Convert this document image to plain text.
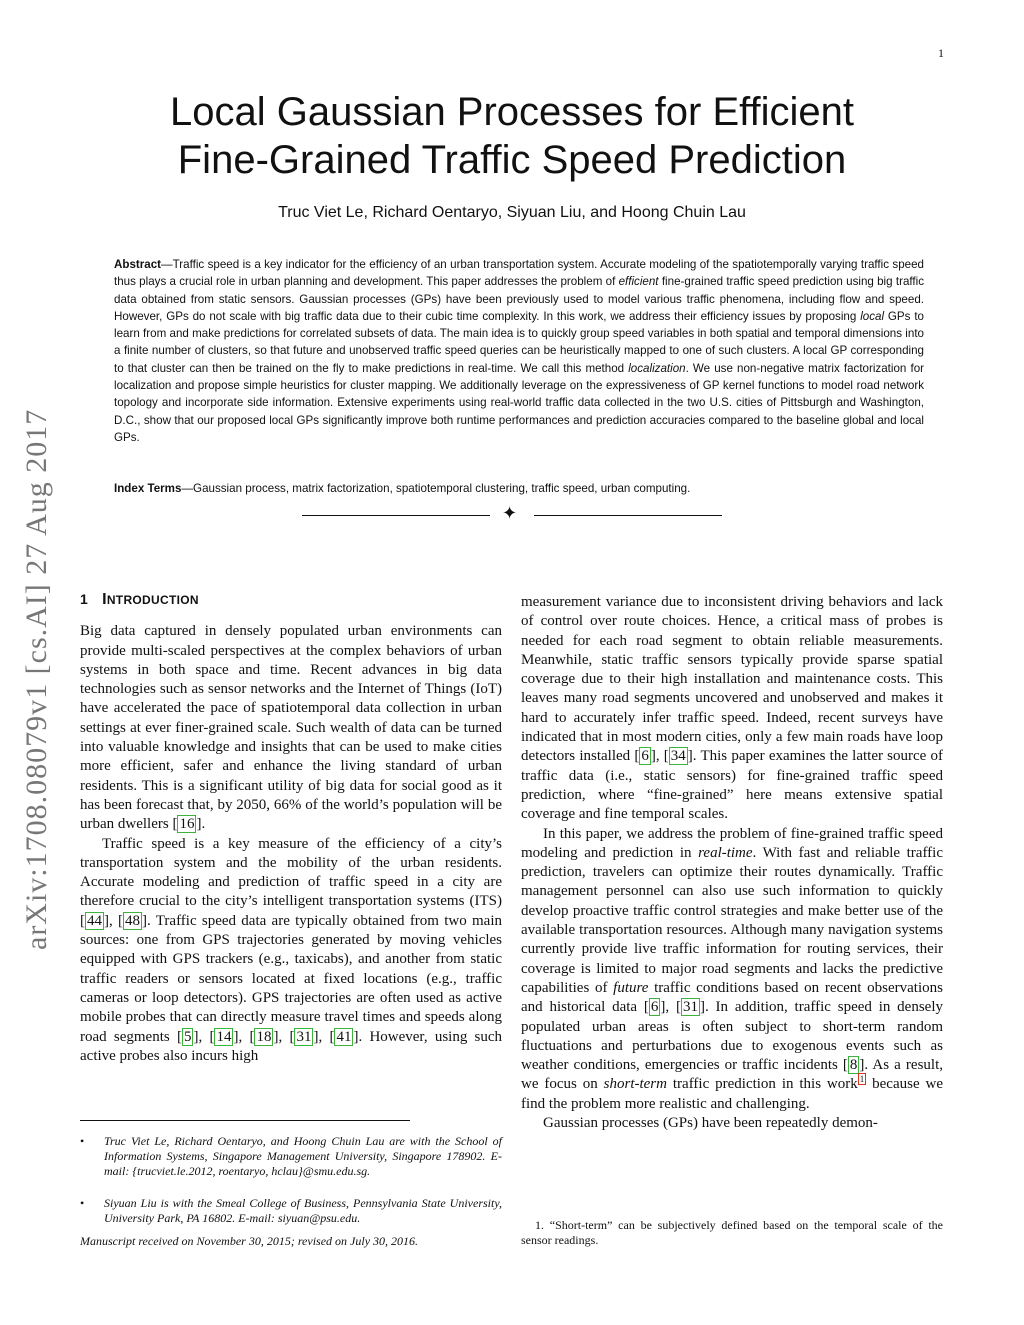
1
arXiv:1708.08079v1 [cs.AI] 27 Aug 2017
Local Gaussian Processes for Efficient
Fine-Grained Traffic Speed Prediction
Truc Viet Le, Richard Oentaryo, Siyuan Liu, and Hoong Chuin Lau
Abstract—Traffic speed is a key indicator for the efficiency of an urban transportation system. Accurate modeling of the spatiotemporally varying traffic speed thus plays a crucial role in urban planning and development. This paper addresses the problem of efficient fine-grained traffic speed prediction using big traffic data obtained from static sensors. Gaussian processes (GPs) have been previously used to model various traffic phenomena, including flow and speed. However, GPs do not scale with big traffic data due to their cubic time complexity. In this work, we address their efficiency issues by proposing local GPs to learn from and make predictions for correlated subsets of data. The main idea is to quickly group speed variables in both spatial and temporal dimensions into a finite number of clusters, so that future and unobserved traffic speed queries can be heuristically mapped to one of such clusters. A local GP corresponding to that cluster can then be trained on the fly to make predictions in real-time. We call this method localization. We use non-negative matrix factorization for localization and propose simple heuristics for cluster mapping. We additionally leverage on the expressiveness of GP kernel functions to model road network topology and incorporate side information. Extensive experiments using real-world traffic data collected in the two U.S. cities of Pittsburgh and Washington, D.C., show that our proposed local GPs significantly improve both runtime performances and prediction accuracies compared to the baseline global and local GPs.
Index Terms—Gaussian process, matrix factorization, spatiotemporal clustering, traffic speed, urban computing.
✦
1 INTRODUCTION

Big data captured in densely populated urban environments can provide multi-scaled perspectives at the complex behaviors of urban systems in both space and time. Recent advances in big data technologies such as sensor networks and the Internet of Things (IoT) have accelerated the pace of spatiotemporal data collection in urban settings at ever finer-grained scale. Such wealth of data can be turned into valuable knowledge and insights that can be used to make cities more efficient, safer and enhance the living standard of urban residents. This is a significant utility of big data for social good as it has been forecast that, by 2050, 66% of the world’s population will be urban dwellers [ 16 ].

Traffic speed is a key measure of the efficiency of a city’s transportation system and the mobility of the urban residents. Accurate modeling and prediction of traffic speed in a city are therefore crucial to the city’s intelligent transportation systems (ITS) [ 44 ], [ 48 ]. Traffic speed data are typically obtained from two main sources: one from GPS trajectories generated by moving vehicles equipped with GPS trackers (e.g., taxicabs), and another from static traffic readers or sensors located at fixed locations (e.g., traffic cameras or loop detectors). GPS trajectories are often used as active mobile probes that can directly measure travel times and speeds along road segments [ 5 ], [ 14 ], [ 18 ], [ 31 ], [ 41 ]. However, using such active probes also incurs high

• Truc Viet Le, Richard Oentaryo, and Hoong Chuin Lau are with the School of Information Systems, Singapore Management University, Singapore 178902. E-mail: {trucviet.le.2012, roentaryo, hclau}@smu.edu.sg.
• Siyuan Liu is with the Smeal College of Business, Pennsylvania State University, University Park, PA 16802. E-mail: siyuan@psu.edu.
Manuscript received on November 30, 2015; revised on July 30, 2016.

measurement variance due to inconsistent driving behaviors and lack of control over route choices. Hence, a critical mass of probes is needed for each road segment to obtain reliable measurements. Meanwhile, static traffic sensors typically provide sparse spatial coverage due to their high installation and maintenance costs. This leaves many road segments uncovered and unobserved and makes it hard to accurately infer traffic speed. Indeed, recent surveys have indicated that in most modern cities, only a few main roads have loop detectors installed [ 6 ], [ 34 ]. This paper examines the latter source of traffic data (i.e., static sensors) for fine-grained traffic speed prediction, where “fine-grained” here means extensive spatial coverage and fine temporal scales.

In this paper, we address the problem of fine-grained traffic speed modeling and prediction in real-time. With fast and reliable traffic prediction, travelers can optimize their routes dynamically. Traffic management personnel can also use such information to quickly develop proactive traffic control strategies and make better use of the available transportation resources. Although many navigation systems currently provide live traffic information for routing services, their coverage is limited to major road segments and lacks the predictive capabilities of future traffic conditions based on recent observations and historical data [ 6 ], [ 31 ]. In addition, traffic speed in densely populated urban areas is often subject to short-term random fluctuations and perturbations due to exogenous events such as weather conditions, emergencies or traffic incidents [ 8 ]. As a result, we focus on short-term traffic prediction in this work $^1$ because we find the problem more realistic and challenging.

Gaussian processes (GPs) have been repeatedly demon-

1. “Short-term” can be subjectively defined based on the temporal scale of the sensor readings.
